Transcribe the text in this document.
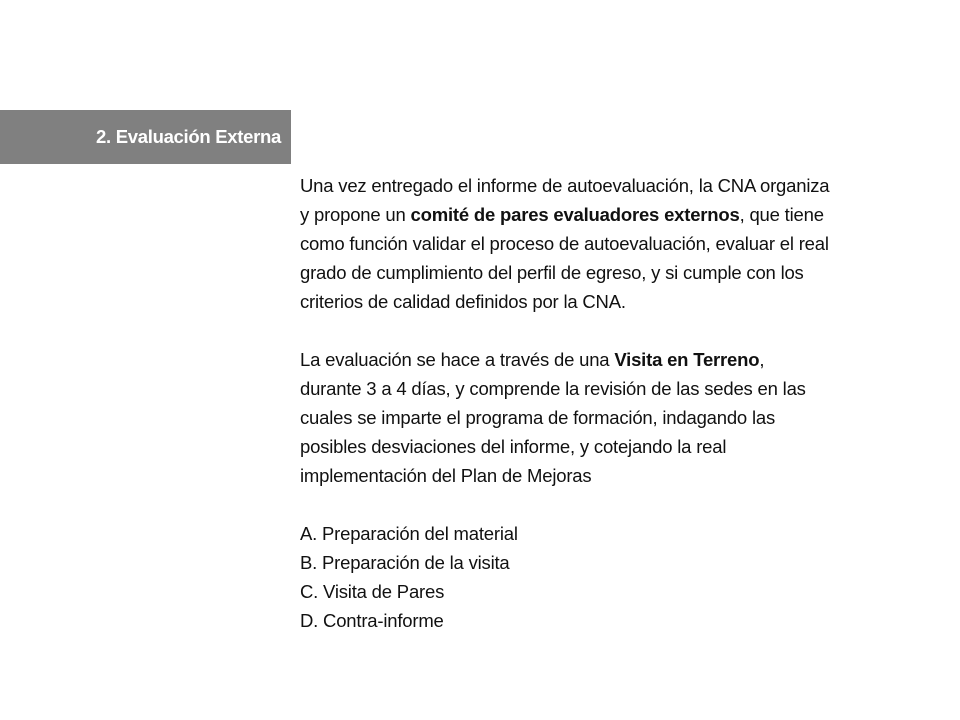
2. Evaluación Externa

Una vez entregado el informe de autoevaluación, la CNA organiza y propone un comité de pares evaluadores externos, que tiene como función validar el proceso de autoevaluación, evaluar el real grado de cumplimiento del perfil de egreso, y si cumple con los criterios de calidad definidos por la CNA.

La evaluación se hace a través de una Visita en Terreno, durante 3 a 4 días, y comprende la revisión de las sedes en las cuales se imparte el programa de formación, indagando las posibles desviaciones del informe, y cotejando la real implementación del Plan de Mejoras

A. Preparación del material
B. Preparación de la visita
C. Visita de Pares
D. Contra-informe
